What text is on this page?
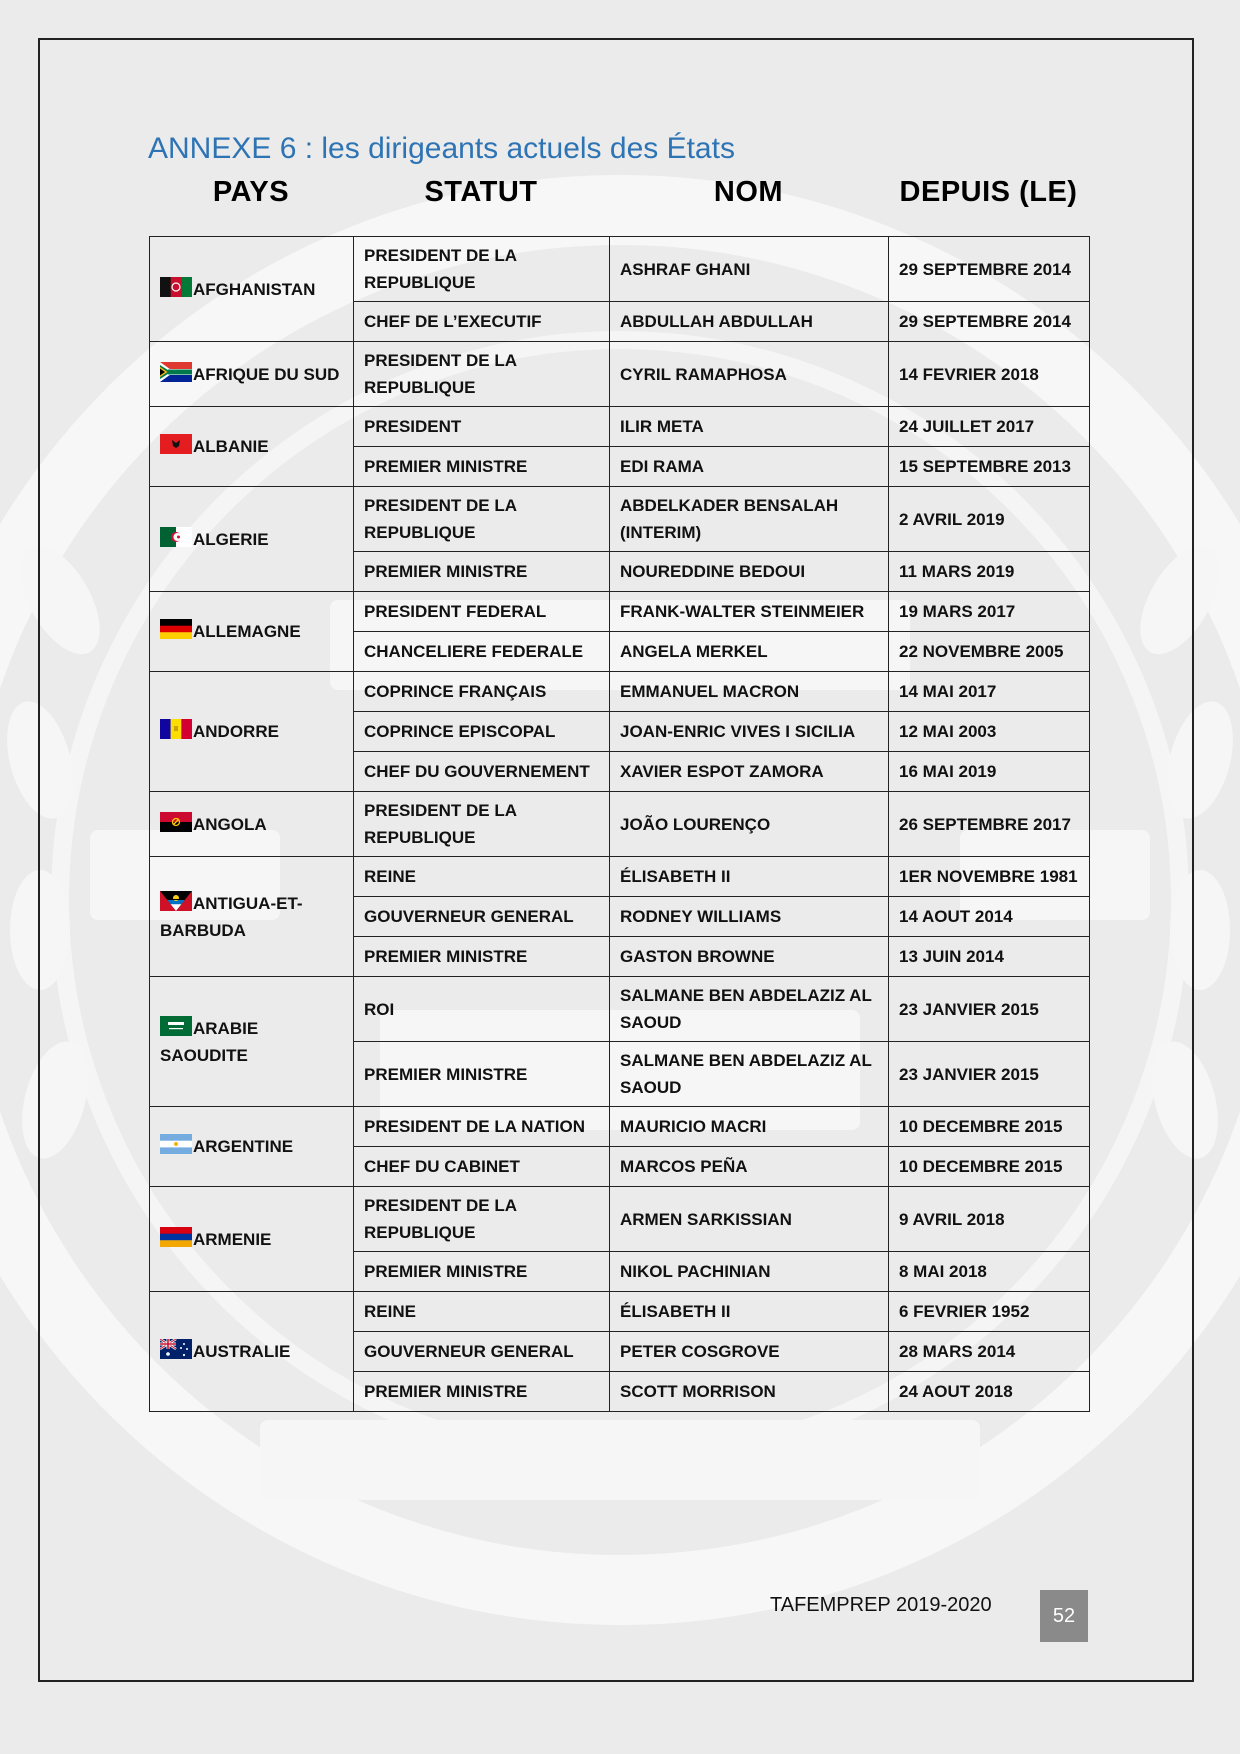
ANNEXE 6 : les dirigeants actuels des États
PAYS	STATUT	NOM	DEPUIS (LE)
AFGHANISTAN	PRESIDENT DE LA REPUBLIQUE	ASHRAF GHANI	29 SEPTEMBRE 2014
	CHEF DE L’EXECUTIF	ABDULLAH ABDULLAH	29 SEPTEMBRE 2014

AFRIQUE DU SUD	PRESIDENT DE LA REPUBLIQUE	CYRIL RAMAPHOSA	14 FEVRIER 2018

ALBANIE	PRESIDENT	ILIR META	24 JUILLET 2017
	PREMIER MINISTRE	EDI RAMA	15 SEPTEMBRE 2013

ALGERIE	PRESIDENT DE LA REPUBLIQUE	ABDELKADER BENSALAH (INTERIM)	2 AVRIL 2019
	PREMIER MINISTRE	NOUREDDINE BEDOUI	11 MARS 2019

ALLEMAGNE	PRESIDENT FEDERAL	FRANK-WALTER STEINMEIER	19 MARS 2017
	CHANCELIERE FEDERALE	ANGELA MERKEL	22 NOVEMBRE 2005

ANDORRE	COPRINCE FRANÇAIS	EMMANUEL MACRON	14 MAI 2017
	COPRINCE EPISCOPAL	JOAN-ENRIC VIVES I SICILIA	12 MAI 2003
	CHEF DU GOUVERNEMENT	XAVIER ESPOT ZAMORA	16 MAI 2019

ANGOLA	PRESIDENT DE LA REPUBLIQUE	JOÃO LOURENÇO	26 SEPTEMBRE 2017

ANTIGUA-ET-BARBUDA	REINE	ÉLISABETH II	1ER NOVEMBRE 1981
	GOUVERNEUR GENERAL	RODNEY WILLIAMS	14 AOUT 2014
	PREMIER MINISTRE	GASTON BROWNE	13 JUIN 2014

ARABIE SAOUDITE	ROI	SALMANE BEN ABDELAZIZ AL SAOUD	23 JANVIER 2015
	PREMIER MINISTRE	SALMANE BEN ABDELAZIZ AL SAOUD	23 JANVIER 2015

ARGENTINE	PRESIDENT DE LA NATION	MAURICIO MACRI	10 DECEMBRE 2015
	CHEF DU CABINET	MARCOS PEÑA	10 DECEMBRE 2015

ARMENIE	PRESIDENT DE LA REPUBLIQUE	ARMEN SARKISSIAN	9 AVRIL 2018
	PREMIER MINISTRE	NIKOL PACHINIAN	8 MAI 2018

AUSTRALIE	REINE	ÉLISABETH II	6 FEVRIER 1952
	GOUVERNEUR GENERAL	PETER COSGROVE	28 MARS 2014
	PREMIER MINISTRE	SCOTT MORRISON	24 AOUT 2018
TAFEMPREP 2019-2020	52
